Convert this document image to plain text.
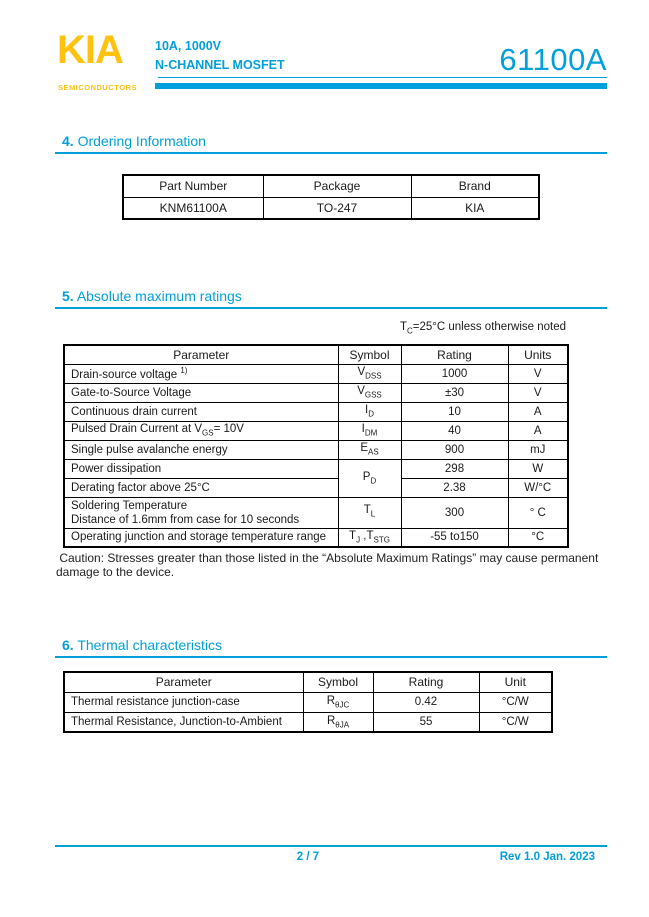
KIA
SEMICONDUCTORS
10A, 1000V
N-CHANNEL MOSFET	61100A
4. Ordering Information
Part Number	Package	Brand
KNM61100A	TO-247	KIA
5. Absolute maximum ratings
$T_C=25^\circ C$ unless otherwise noted
Parameter	Symbol	Rating	Units
Drain-source voltage $^{1)}$	$V_{DSS}$	1000	V
Gate-to-Source Voltage	$V_{GSS}$	±30	V
Continuous drain current	$I_D$	10	A
Pulsed Drain Current at $V_{GS}= 10V$	$I_{DM}$	40	A
Single pulse avalanche energy	$E_{AS}$	900	mJ
Power dissipation	$P_D$	298	W
Derating factor above 25°C		2.38	W/°C

Soldering Temperature
Distance of 1.6mm from case for 10 seconds	$T_L$	300	° C
Operating junction and storage temperature range	$T_J$ $,T_{STG}$	-55 to150	°C
Caution: Stresses greater than those listed in the “Absolute Maximum Ratings” may cause permanent
damage to the device.
6. Thermal characteristics
Parameter	Symbol	Rating	Unit
Thermal resistance junction-case	$R_{\theta JC}$	0.42	°C/W
Thermal Resistance, Junction-to-Ambient	$R_{\theta JA}$	55	°C/W
2 / 7	Rev 1.0 Jan. 2023
